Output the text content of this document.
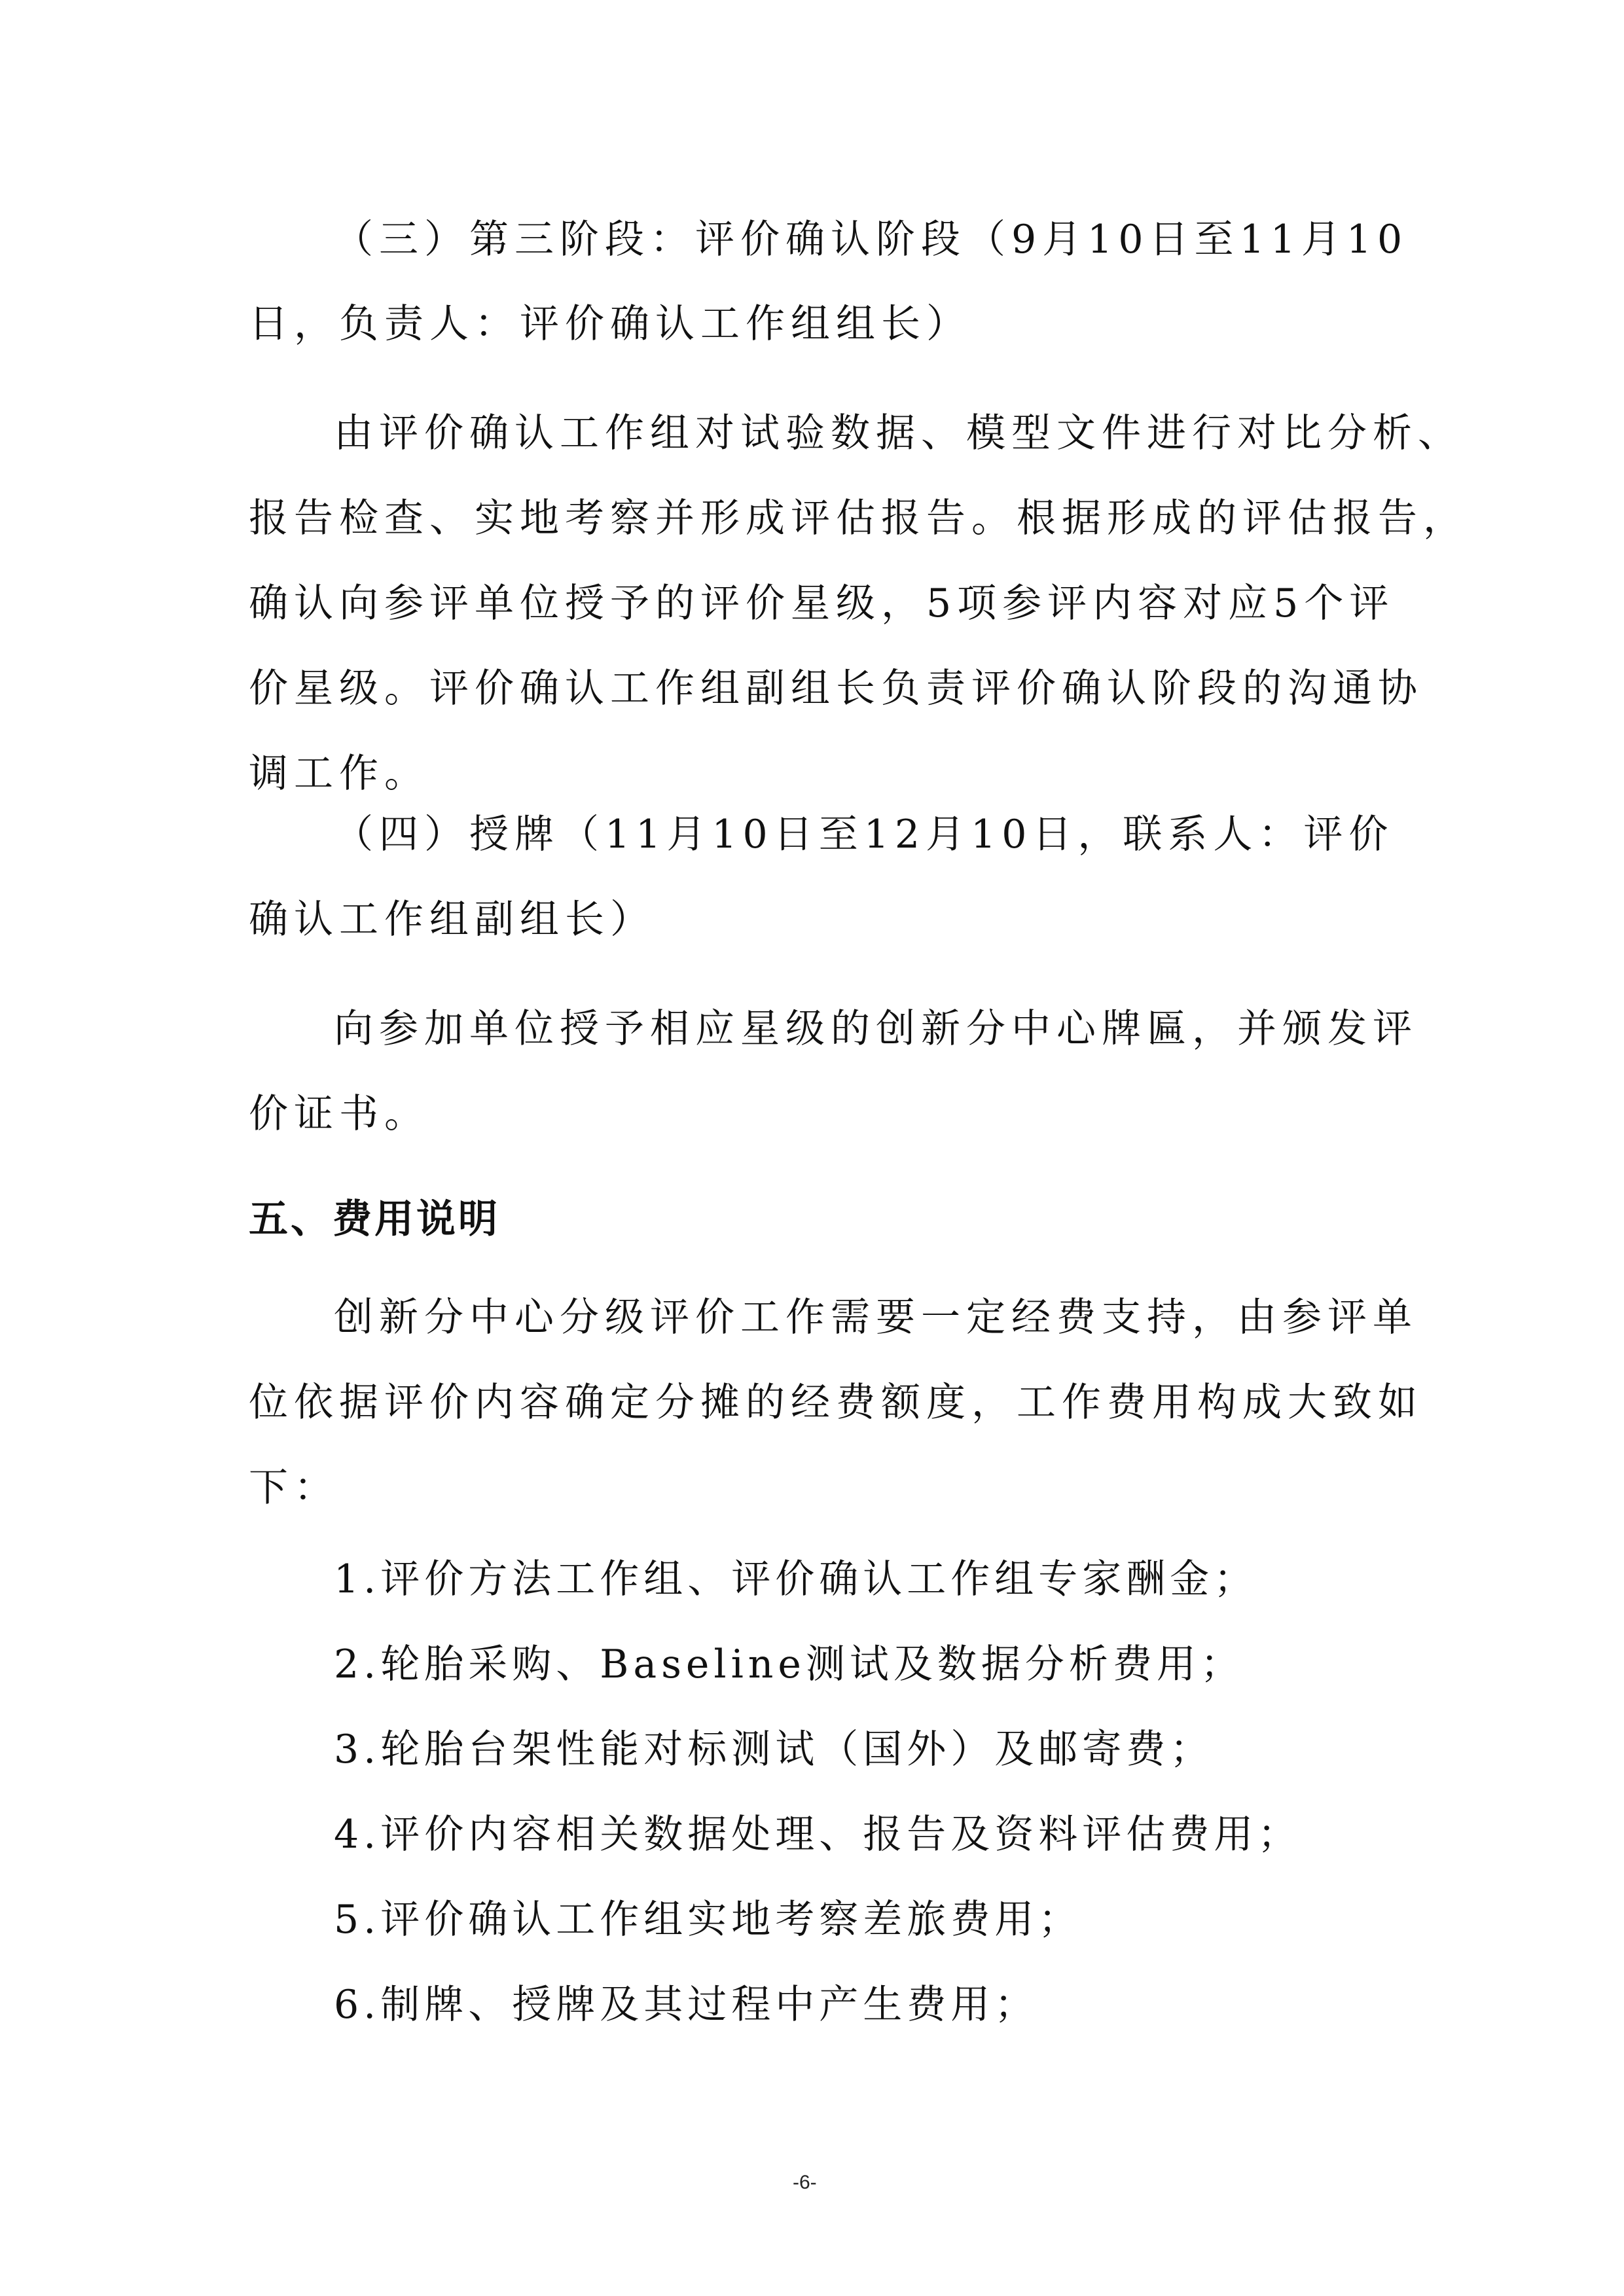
（三）第三阶段：评价确认阶段（9月10日至11月10
日，负责人：评价确认工作组组长）
由评价确认工作组对试验数据、模型文件进行对比分析、
报告检查、实地考察并形成评估报告。根据形成的评估报告，
确认向参评单位授予的评价星级，5项参评内容对应5个评
价星级。评价确认工作组副组长负责评价确认阶段的沟通协
调工作。
（四）授牌（11月10日至12月10日，联系人：评价
确认工作组副组长）
向参加单位授予相应星级的创新分中心牌匾，并颁发评
价证书。
五、费用说明
创新分中心分级评价工作需要一定经费支持，由参评单
位依据评价内容确定分摊的经费额度，工作费用构成大致如
下：
1.评价方法工作组、评价确认工作组专家酬金；
2.轮胎采购、Baseline测试及数据分析费用；
3.轮胎台架性能对标测试（国外）及邮寄费；
4.评价内容相关数据处理、报告及资料评估费用；
5.评价确认工作组实地考察差旅费用；
6.制牌、授牌及其过程中产生费用；
-6-
